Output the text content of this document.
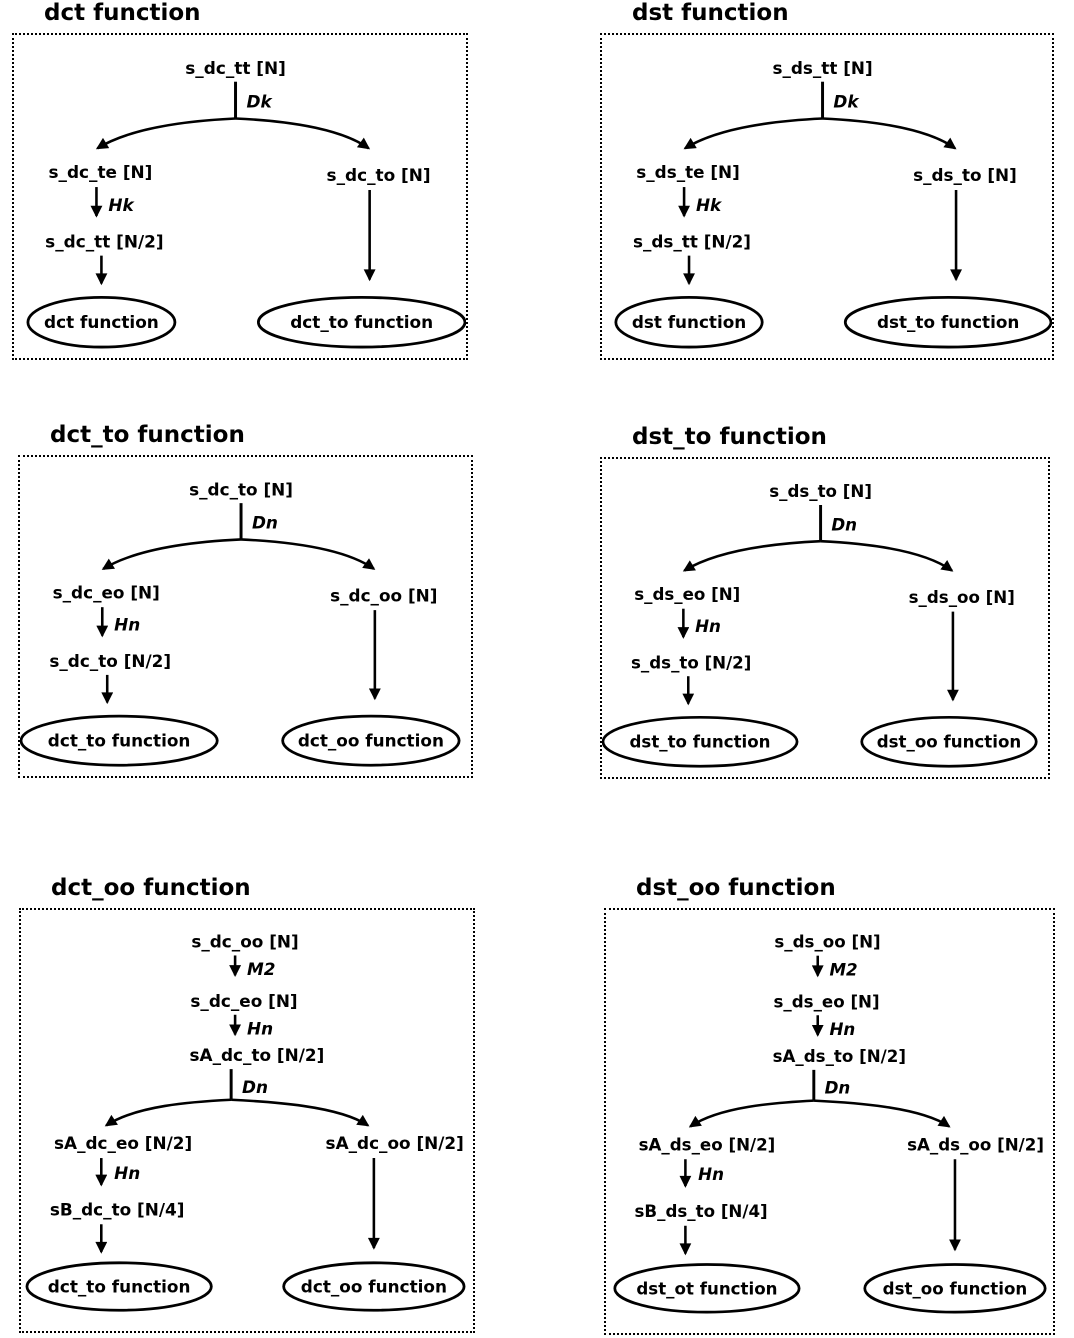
dct function
s_dc_tt [N]
Dk
s_dc_te [N]
Hk
s_dc_tt [N/2]
dct function
s_dc_to [N]
dct_to function
dst function
s_ds_tt [N]
Dk
s_ds_te [N]
Hk
s_ds_tt [N/2]
dst function
s_ds_to [N]
dst_to function
dct_to function
s_dc_to [N]
Dn
s_dc_eo [N]
Hn
s_dc_to [N/2]
dct_to function
s_dc_oo [N]
dct_oo function
dst_to function
s_ds_to [N]
Dn
s_ds_eo [N]
Hn
s_ds_to [N/2]
dst_to function
s_ds_oo [N]
dst_oo function
dct_oo function
s_dc_oo [N]
M2
s_dc_eo [N]
Hn
sA_dc_to [N/2]
Dn
sA_dc_eo [N/2]
Hn
sB_dc_to [N/4]
dct_to function
sA_dc_oo [N/2]
dct_oo function
dst_oo function
s_ds_oo [N]
M2
s_ds_eo [N]
Hn
sA_ds_to [N/2]
Dn
sA_ds_eo [N/2]
Hn
sB_ds_to [N/4]
dst_ot function
sA_ds_oo [N/2]
dst_oo function
